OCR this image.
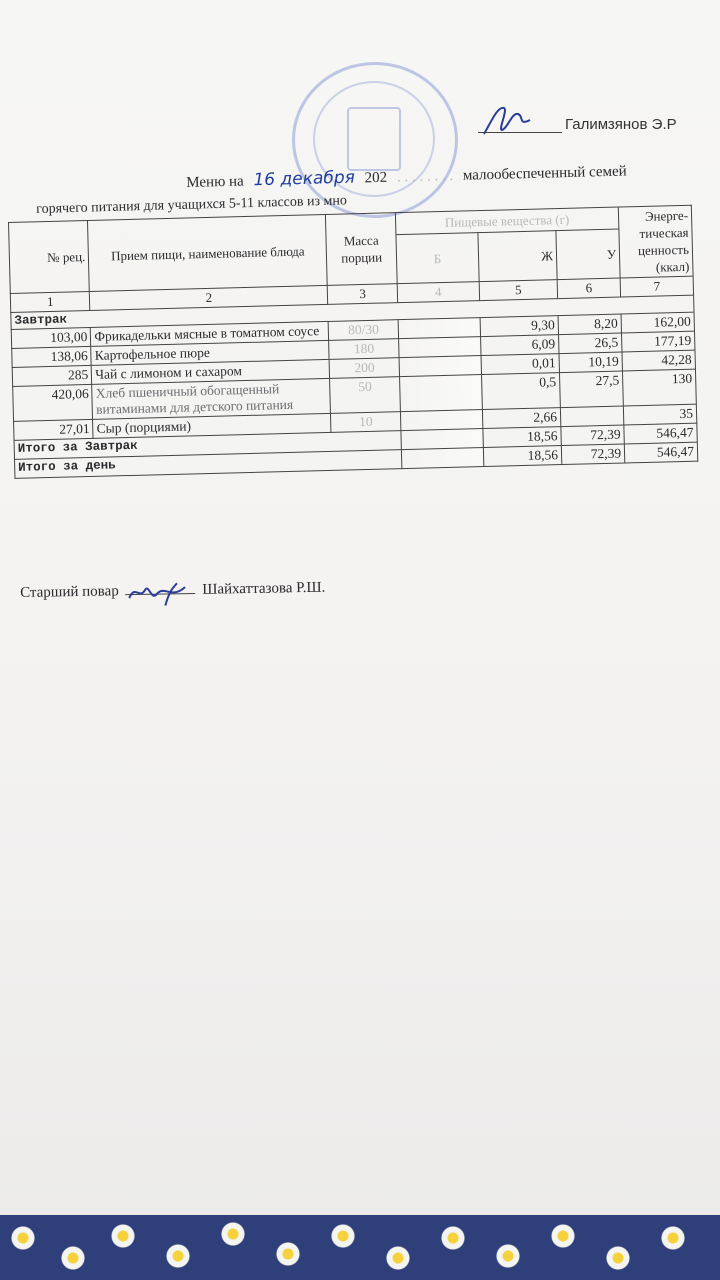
Галимзянов Э.Р
Меню на 16 декабря 202 . . . . . . . . малообеспеченный семей
горячего питания для учащихся 5-11 классов из мно
№ рец.	Прием пищи, наименование блюда	Масса порции	Пищевые вещества (г)			Энерге-тическая ценность (ккал)
			Б	Ж	У	
1	2	3	4	5	6	7
Завтрак						
103,00	Фрикадельки мясные в томатном соусе	80/30		9,30	8,20	162,00
138,06	Картофельное пюре	180		6,09	26,5	177,19
285	Чай с лимоном и сахаром	200		0,01	10,19	42,28
420,06	Хлеб пшеничный обогащенный витаминами для детского питания	50		0,5	27,5	130
27,01	Сыр (порциями)	10		2,66		35
Итого за Завтрак				18,56	72,39	546,47
Итого за день				18,56	72,39	546,47
Старший повар	Шайхаттазова Р.Ш.
